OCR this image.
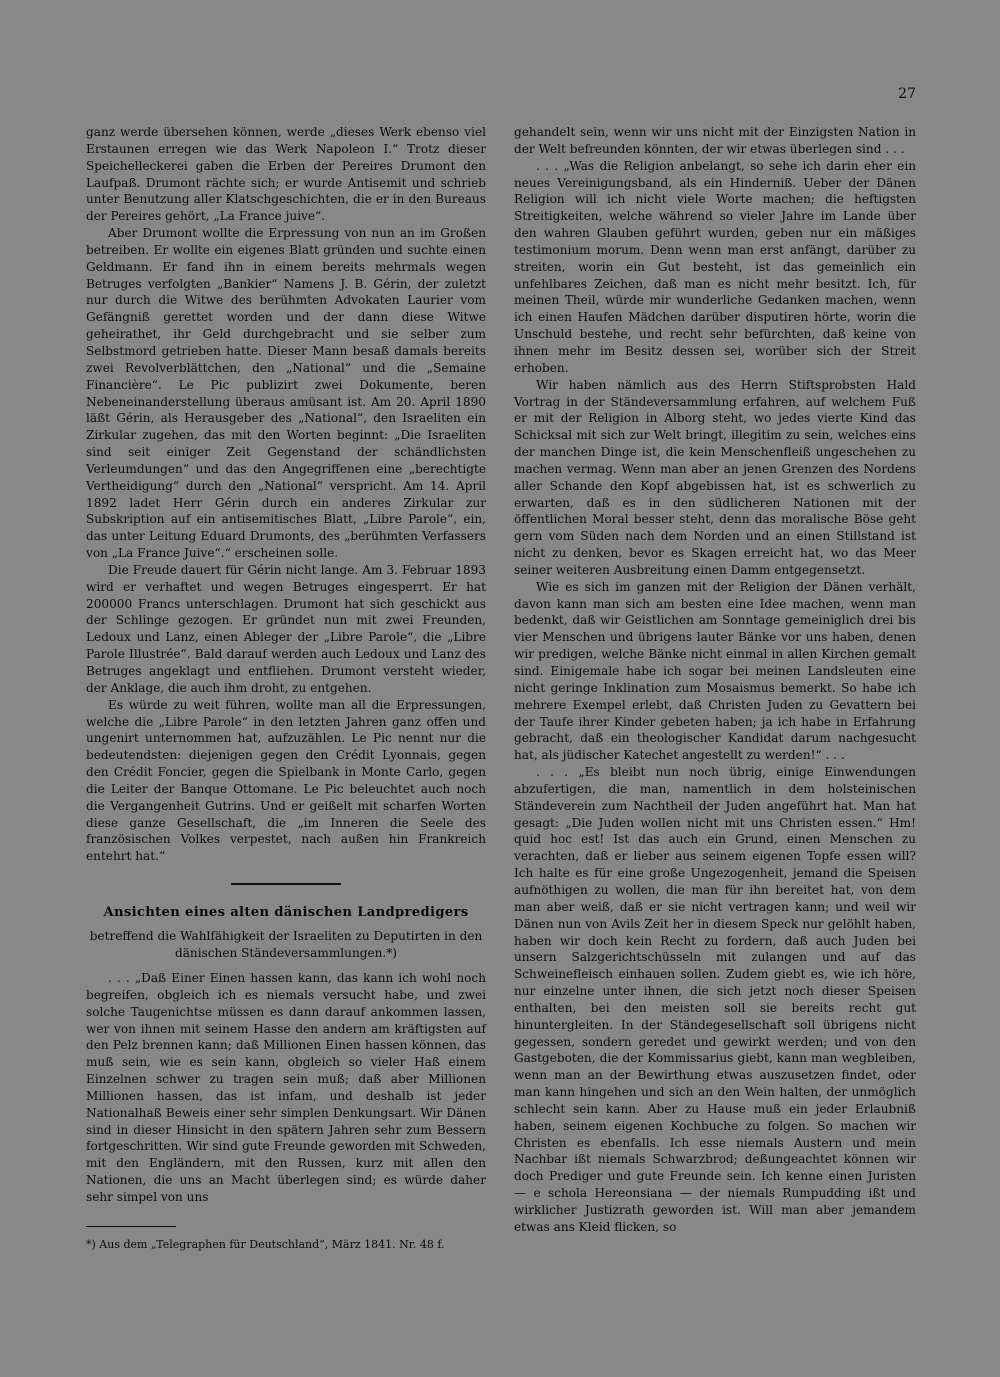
27

ganz werde übersehen können, werde „dieses Werk ebenso viel Erstaunen erregen wie das Werk Napoleon I.“ Trotz dieser Speichelleckerei gaben die Erben der Pereires Drumont den Laufpaß. Drumont rächte sich; er wurde Antisemit und schrieb unter Benutzung aller Klatschgeschichten, die er in den Bureaus der Pereires gehört, „La France juive“.

Aber Drumont wollte die Erpressung von nun an im Großen betreiben. Er wollte ein eigenes Blatt gründen und suchte einen Geldmann. Er fand ihn in einem bereits mehrmals wegen Betruges verfolgten „Bankier“ Namens J. B. Gérin, der zuletzt nur durch die Witwe des berühmten Advokaten Laurier vom Gefängniß gerettet worden und der dann diese Witwe geheirathet, ihr Geld durchgebracht und sie selber zum Selbstmord getrieben hatte. Dieser Mann besaß damals bereits zwei Revolverblättchen, den „National“ und die „Semaine Financière“. Le Pic publizirt zwei Dokumente, beren Nebeneinanderstellung überaus amüsant ist. Am 20. April 1890 läßt Gérin, als Herausgeber des „National“, den Israeliten ein Zirkular zugehen, das mit den Worten beginnt: „Die Israeliten sind seit einiger Zeit Gegenstand der schändlichsten Verleumdungen“ und das den Angegriffenen eine „berechtigte Vertheidigung“ durch den „National“ verspricht. Am 14. April 1892 ladet Herr Gérin durch ein anderes Zirkular zur Subskription auf ein antisemitisches Blatt, „Libre Parole“, ein, das unter Leitung Eduard Drumonts, des „berühmten Verfassers von „La France Juive“.“ erscheinen solle.

Die Freude dauert für Gérin nicht lange. Am 3. Februar 1893 wird er verhaftet und wegen Betruges eingesperrt. Er hat 200000 Francs unterschlagen. Drumont hat sich geschickt aus der Schlinge gezogen. Er gründet nun mit zwei Freunden, Ledoux und Lanz, einen Ableger der „Libre Parole“, die „Libre Parole Illustrée“. Bald darauf werden auch Ledoux und Lanz des Betruges angeklagt und entfliehen. Drumont versteht wieder, der Anklage, die auch ihm droht, zu entgehen.

Es würde zu weit führen, wollte man all die Erpressungen, welche die „Libre Parole“ in den letzten Jahren ganz offen und ungenirt unternommen hat, aufzuzählen. Le Pic nennt nur die bedeutendsten: diejenigen gegen den Crédit Lyonnais, gegen den Crédit Foncier, gegen die Spielbank in Monte Carlo, gegen die Leiter der Banque Ottomane. Le Pic beleuchtet auch noch die Vergangenheit Gutrins. Und er geißelt mit scharfen Worten diese ganze Gesellschaft, die „im Inneren die Seele des französischen Volkes verpestet, nach außen hin Frankreich entehrt hat.“

Ansichten eines alten dänischen Landpredigers
betreffend die Wahlfähigkeit der Israeliten zu Deputirten in den dänischen Ständeversammlungen.*)

. . . „Daß Einer Einen hassen kann, das kann ich wohl noch begreifen, obgleich ich es niemals versucht habe, und zwei solche Taugenichtse müssen es dann darauf ankommen lassen, wer von ihnen mit seinem Hasse den andern am kräftigsten auf den Pelz brennen kann; daß Millionen Einen hassen können, das muß sein, wie es sein kann, obgleich so vieler Haß einem Einzelnen schwer zu tragen sein muß; daß aber Millionen Millionen hassen, das ist infam, und deshalb ist jeder Nationalhaß Beweis einer sehr simplen Denkungsart. Wir Dänen sind in dieser Hinsicht in den spätern Jahren sehr zum Bessern fortgeschritten. Wir sind gute Freunde geworden mit Schweden, mit den Engländern, mit den Russen, kurz mit allen den Nationen, die uns an Macht überlegen sind; es würde daher sehr simpel von uns

*) Aus dem „Telegraphen für Deutschland“, März 1841. Nr. 48 f.

gehandelt sein, wenn wir uns nicht mit der Einzigsten Nation in der Welt befreunden könnten, der wir etwas überlegen sind . . .

. . . „Was die Religion anbelangt, so sehe ich darin eher ein neues Vereinigungsband, als ein Hinderniß. Ueber der Dänen Religion will ich nicht viele Worte machen; die heftigsten Streitigkeiten, welche während so vieler Jahre im Lande über den wahren Glauben geführt wurden, geben nur ein mäßiges testimonium morum. Denn wenn man erst anfängt, darüber zu streiten, worin ein Gut besteht, ist das gemeinlich ein unfehlbares Zeichen, daß man es nicht mehr besitzt. Ich, für meinen Theil, würde mir wunderliche Gedanken machen, wenn ich einen Haufen Mädchen darüber disputiren hörte, worin die Unschuld bestehe, und recht sehr befürchten, daß keine von ihnen mehr im Besitz dessen sei, worüber sich der Streit erhoben.

Wir haben nämlich aus des Herrn Stiftsprobsten Hald Vortrag in der Ständeversammlung erfahren, auf welchem Fuß er mit der Religion in Alborg steht, wo jedes vierte Kind das Schicksal mit sich zur Welt bringt, illegitim zu sein, welches eins der manchen Dinge ist, die kein Menschenfleiß ungeschehen zu machen vermag. Wenn man aber an jenen Grenzen des Nordens aller Schande den Kopf abgebissen hat, ist es schwerlich zu erwarten, daß es in den südlicheren Nationen mit der öffentlichen Moral besser steht, denn das moralische Böse geht gern vom Süden nach dem Norden und an einen Stillstand ist nicht zu denken, bevor es Skagen erreicht hat, wo das Meer seiner weiteren Ausbreitung einen Damm entgegensetzt.

Wie es sich im ganzen mit der Religion der Dänen verhält, davon kann man sich am besten eine Idee machen, wenn man bedenkt, daß wir Geistlichen am Sonntage gemeiniglich drei bis vier Menschen und übrigens lauter Bänke vor uns haben, denen wir predigen, welche Bänke nicht einmal in allen Kirchen gemalt sind. Einigemale habe ich sogar bei meinen Landsleuten eine nicht geringe Inklination zum Mosaismus bemerkt. So habe ich mehrere Exempel erlebt, daß Christen Juden zu Gevattern bei der Taufe ihrer Kinder gebeten haben; ja ich habe in Erfahrung gebracht, daß ein theologischer Kandidat darum nachgesucht hat, als jüdischer Katechet angestellt zu werden!“ . . .

. . . „Es bleibt nun noch übrig, einige Einwendungen abzufertigen, die man, namentlich in dem holsteinischen Ständeverein zum Nachtheil der Juden angeführt hat. Man hat gesagt: „Die Juden wollen nicht mit uns Christen essen.“ Hm! quid hoc est! Ist das auch ein Grund, einen Menschen zu verachten, daß er lieber aus seinem eigenen Topfe essen will? Ich halte es für eine große Ungezogenheit, jemand die Speisen aufnöthigen zu wollen, die man für ihn bereitet hat, von dem man aber weiß, daß er sie nicht vertragen kann; und weil wir Dänen nun von Avils Zeit her in diesem Speck nur gelöhlt haben, haben wir doch kein Recht zu fordern, daß auch Juden bei unsern Salzgerichtschüsseln mit zulangen und auf das Schweinefleisch einhauen sollen. Zudem giebt es, wie ich höre, nur einzelne unter ihnen, die sich jetzt noch dieser Speisen enthalten, bei den meisten soll sie bereits recht gut hinuntergleiten. In der Ständegesellschaft soll übrigens nicht gegessen, sondern geredet und gewirkt werden; und von den Gastgeboten, die der Kommissarius giebt, kann man wegbleiben, wenn man an der Bewirthung etwas auszusetzen findet, oder man kann hingehen und sich an den Wein halten, der unmöglich schlecht sein kann. Aber zu Hause muß ein jeder Erlaubniß haben, seinem eigenen Kochbuche zu folgen. So machen wir Christen es ebenfalls. Ich esse niemals Austern und mein Nachbar ißt niemals Schwarzbrod; deßungeachtet können wir doch Prediger und gute Freunde sein. Ich kenne einen Juristen — e schola Hereonsiana — der niemals Rumpudding ißt und wirklicher Justizrath geworden ist. Will man aber jemandem etwas ans Kleid flicken, so
